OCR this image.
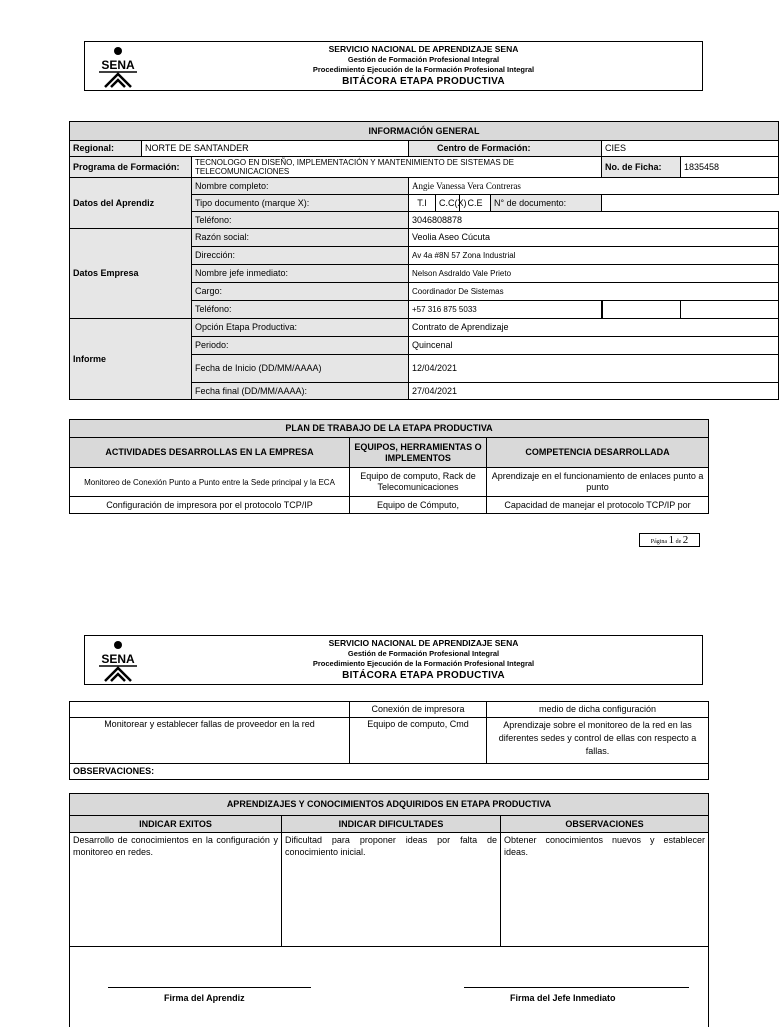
SENA
SERVICIO NACIONAL DE APRENDIZAJE SENA
Gestión de Formación Profesional Integral
Procedimiento Ejecución de la Formación Profesional Integral
BITÁCORA ETAPA PRODUCTIVA
INFORMACIÓN GENERAL								
Regional:	NORTE DE SANTANDER		Centro de Formación:				CIES	
Programa de Formación:		TECNOLOGO EN DISEÑO, IMPLEMENTACIÓN Y MANTENIMIENTO DE SISTEMAS DE TELECOMUNICACIONES					No. de Ficha:	1835458
Datos del Aprendiz		Nombre completo:	Angie Vanessa Vera Contreras					
		Tipo documento (marque X):	T.I	C.C(X)	C.E	N° de documento:		
		Teléfono:	3046808878					
Datos Empresa		Razón social:	Veolia Aseo Cúcuta					
		Dirección:	Av 4a #8N 57 Zona Industrial					
		Nombre jefe inmediato:	Nelson Asdraldo Vale Prieto					
		Cargo:	Coordinador De Sistemas					
		Teléfono:	+57 316 875 5033					
Informe		Opción Etapa Productiva:	Contrato de Aprendizaje					
		Periodo:	Quincenal					
		Fecha de Inicio (DD/MM/AAAA)	12/04/2021					
		Fecha final (DD/MM/AAAA):	27/04/2021					
PLAN DE TRABAJO DE LA ETAPA PRODUCTIVA		
ACTIVIDADES DESARROLLAS EN LA EMPRESA	EQUIPOS, HERRAMIENTAS O IMPLEMENTOS	COMPETENCIA DESARROLLADA
Monitoreo de Conexión Punto a Punto entre la Sede principal y la ECA	Equipo de computo, Rack de Telecomunicaciones	Aprendizaje en el funcionamiento de enlaces punto a punto
Configuración de impresora por el protocolo TCP/IP	Equipo de Cómputo,	Capacidad de manejar el protocolo TCP/IP por
Página 1 de 2
SENA
SERVICIO NACIONAL DE APRENDIZAJE SENA
Gestión de Formación Profesional Integral
Procedimiento Ejecución de la Formación Profesional Integral
BITÁCORA ETAPA PRODUCTIVA
	Conexión de impresora	medio de dicha configuración
Monitorear y establecer fallas de proveedor en la red	Equipo de computo, Cmd	Aprendizaje sobre el monitoreo de la red en las diferentes sedes y control de ellas con respecto a fallas.
OBSERVACIONES:		
APRENDIZAJES Y CONOCIMIENTOS ADQUIRIDOS EN ETAPA PRODUCTIVA		
INDICAR EXITOS	INDICAR DIFICULTADES	OBSERVACIONES
Desarrollo de conocimientos en la configuración y monitoreo en redes.	Dificultad para proponer ideas por falta de conocimiento inicial.	Obtener conocimientos nuevos y establecer ideas.

Firma del Aprendiz	Firma del Jefe Inmediato
